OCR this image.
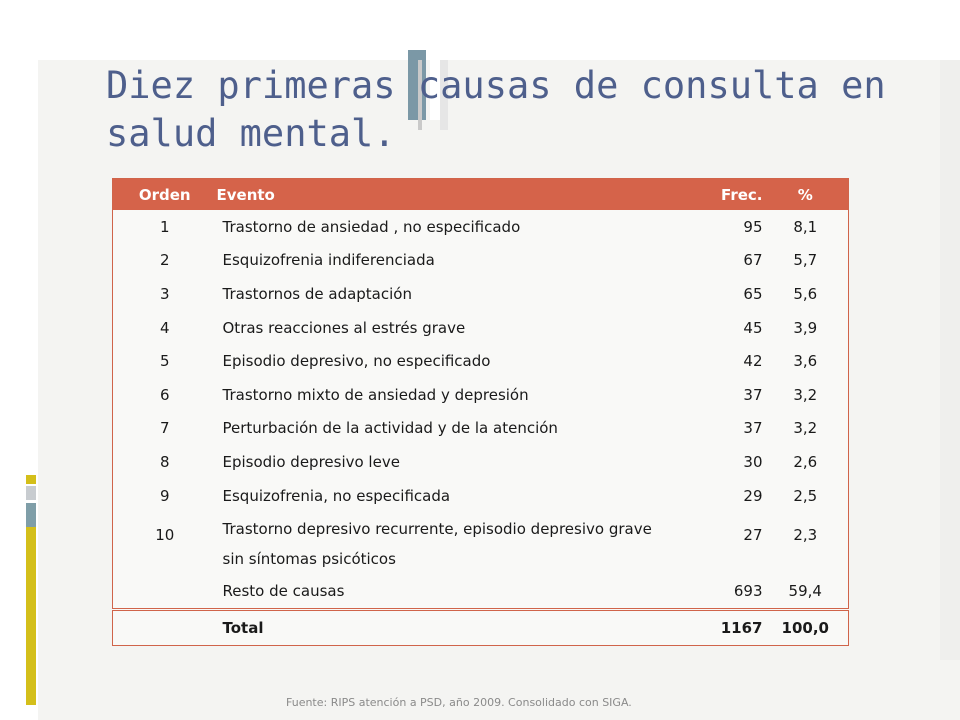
Diez primeras causas de consulta en salud mental.
Orden	Evento	Frec.	%
1	Trastorno de ansiedad , no especificado	95	8,1
2	Esquizofrenia indiferenciada	67	5,7
3	Trastornos de adaptación	65	5,6
4	Otras reacciones al estrés grave	45	3,9
5	Episodio depresivo, no especificado	42	3,6
6	Trastorno mixto de ansiedad y depresión	37	3,2
7	Perturbación de la actividad y de la atención	37	3,2
8	Episodio depresivo leve	30	2,6
9	Esquizofrenia, no especificada	29	2,5
10	Trastorno depresivo recurrente, episodio depresivo grave sin síntomas psicóticos	27	2,3
	Resto de causas	693	59,4
	Total	1167	100,0
Fuente: RIPS atención a PSD, año 2009. Consolidado con SIGA.
